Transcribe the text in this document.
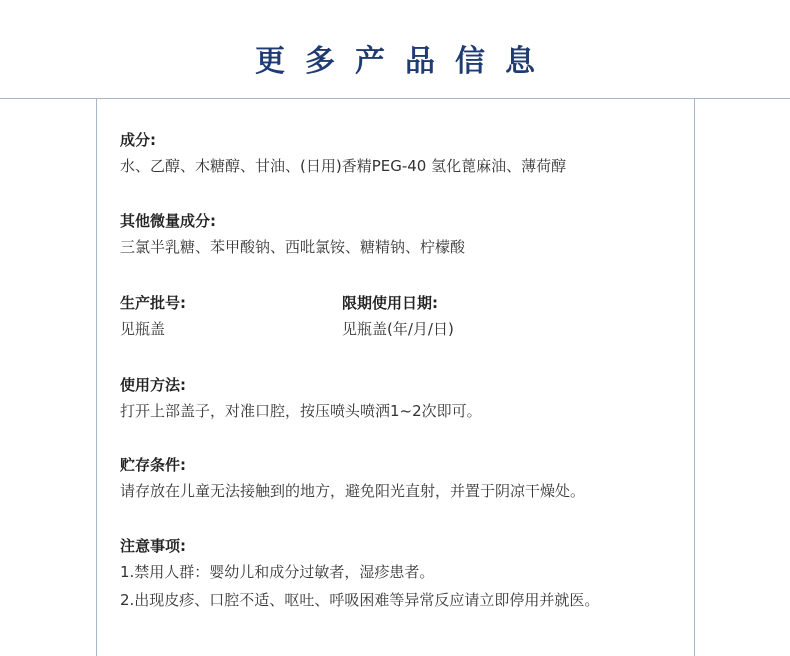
更多产品信息
成分:
水、乙醇、木糖醇、甘油、(日用)香精PEG-40 氢化蓖麻油、薄荷醇
其他微量成分:
三氯半乳糖、苯甲酸钠、西吡氯铵、糖精钠、柠檬酸
生产批号:
见瓶盖
限期使用日期:
见瓶盖(年/月/日)
使用方法:
打开上部盖子，对准口腔，按压喷头喷洒1~2次即可。
贮存条件:
请存放在儿童无法接触到的地方，避免阳光直射，并置于阴凉干燥处。
注意事项:
1.禁用人群：婴幼儿和成分过敏者，湿疹患者。
2.出现皮疹、口腔不适、呕吐、呼吸困难等异常反应请立即停用并就医。
